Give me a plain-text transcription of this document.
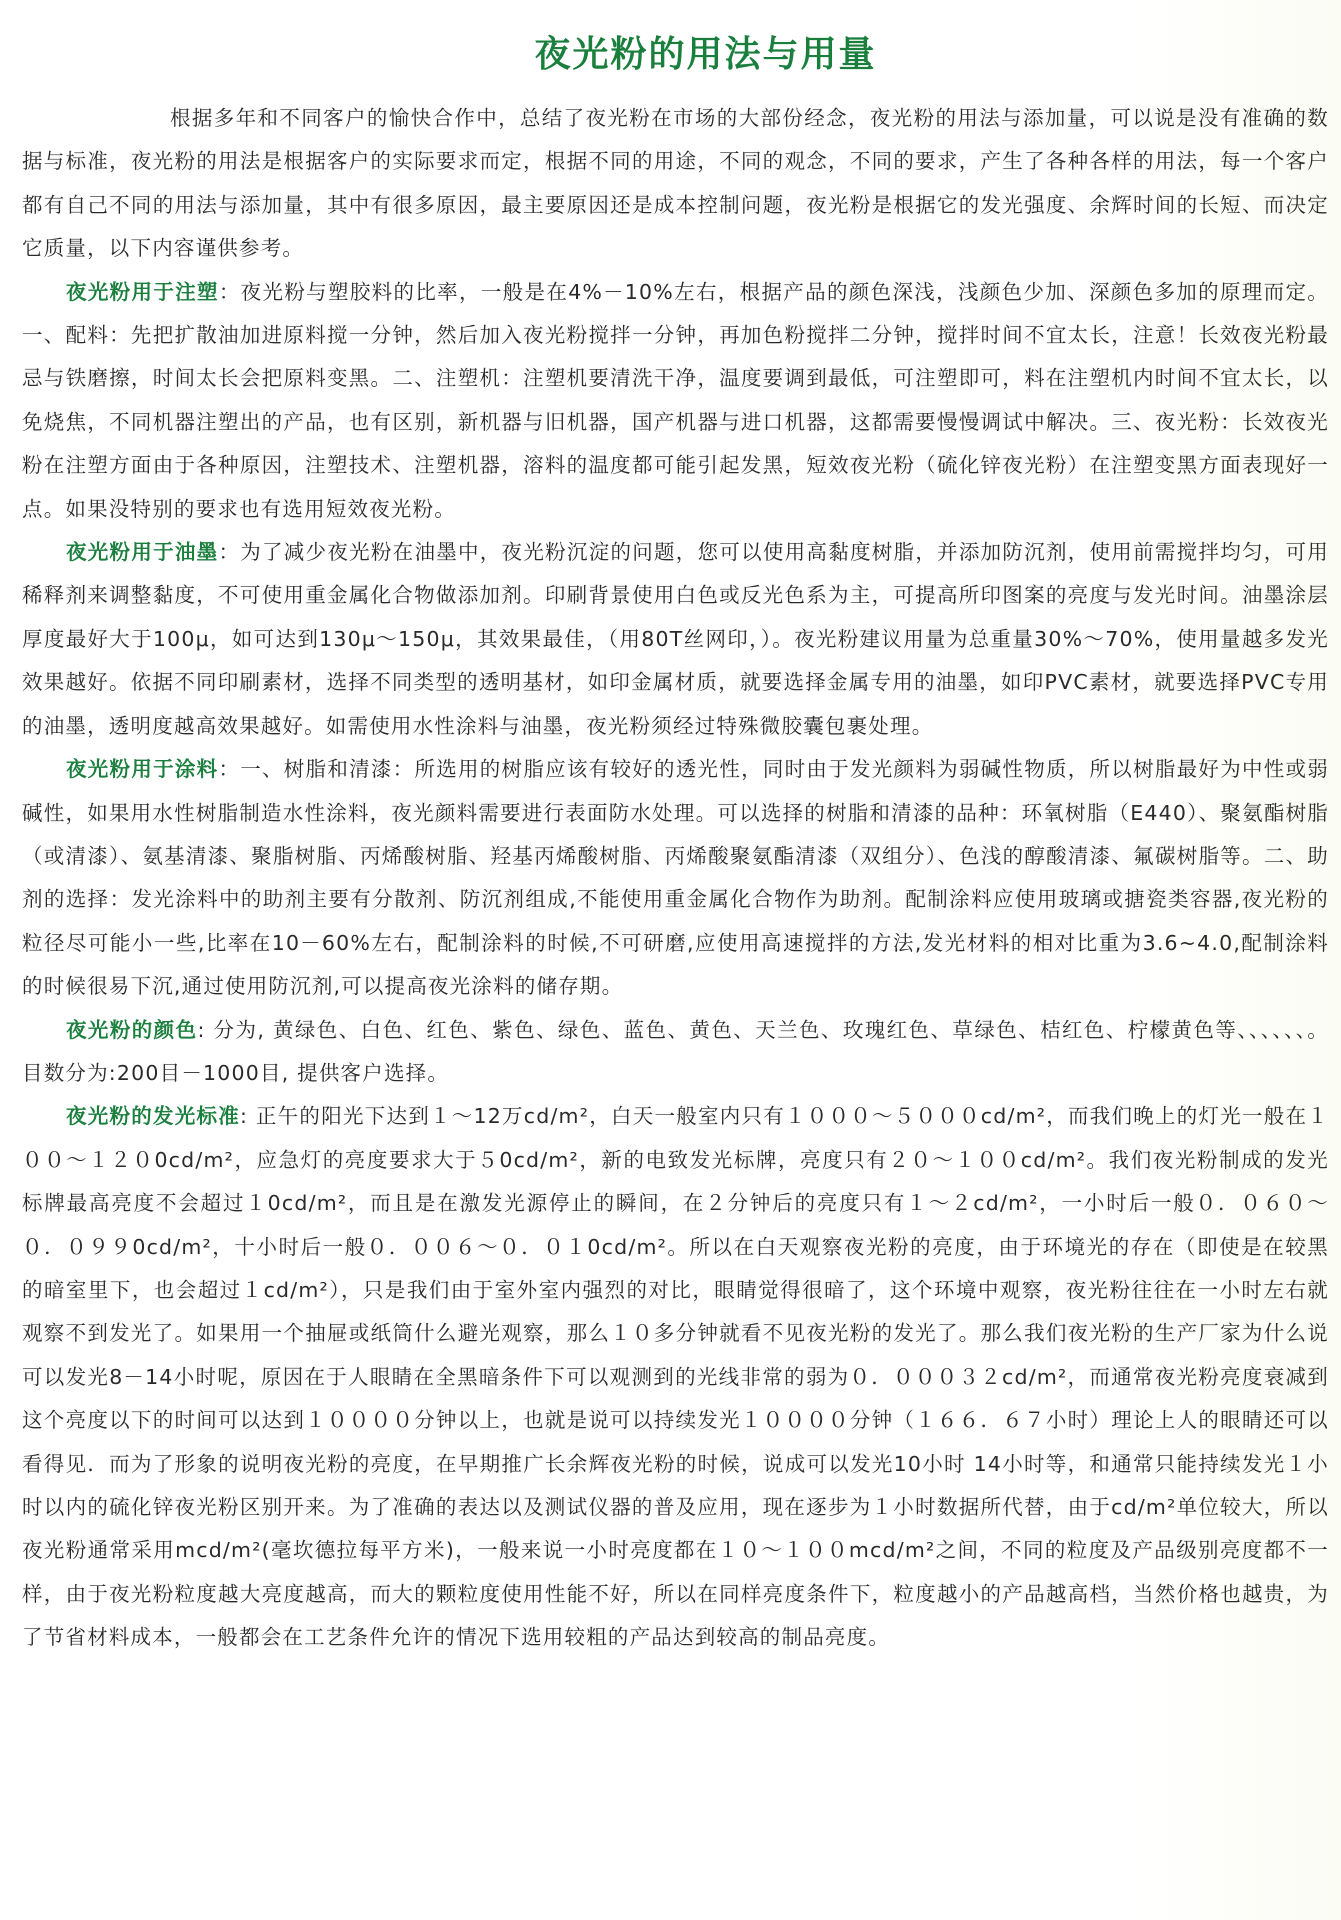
夜光粉的用法与用量

根据多年和不同客户的愉快合作中，总结了夜光粉在市场的大部份经念，夜光粉的用法与添加量，可以说是没有准确的数据与标准，夜光粉的用法是根据客户的实际要求而定，根据不同的用途，不同的观念，不同的要求，产生了各种各样的用法，每一个客户都有自己不同的用法与添加量，其中有很多原因，最主要原因还是成本控制问题，夜光粉是根据它的发光强度、余辉时间的长短、而决定它质量，以下内容谨供参考。

夜光粉用于注塑：夜光粉与塑胶料的比率，一般是在4%－10%左右，根据产品的颜色深浅，浅颜色少加、深颜色多加的原理而定。一、配料：先把扩散油加进原料搅一分钟，然后加入夜光粉搅拌一分钟，再加色粉搅拌二分钟，搅拌时间不宜太长，注意！长效夜光粉最忌与铁磨擦，时间太长会把原料变黑。二、注塑机：注塑机要清洗干净，温度要调到最低，可注塑即可，料在注塑机内时间不宜太长，以免烧焦，不同机器注塑出的产品，也有区别，新机器与旧机器，国产机器与进口机器，这都需要慢慢调试中解决。三、夜光粉：长效夜光粉在注塑方面由于各种原因，注塑技术、注塑机器，溶料的温度都可能引起发黑，短效夜光粉（硫化锌夜光粉）在注塑变黑方面表现好一点。如果没特别的要求也有选用短效夜光粉。

夜光粉用于油墨：为了减少夜光粉在油墨中，夜光粉沉淀的问题，您可以使用高黏度树脂，并添加防沉剂，使用前需搅拌均匀，可用稀释剂来调整黏度，不可使用重金属化合物做添加剂。印刷背景使用白色或反光色系为主，可提高所印图案的亮度与发光时间。油墨涂层厚度最好大于100μ，如可达到130μ～150μ，其效果最佳，（用80T丝网印，）。夜光粉建议用量为总重量30%～70%，使用量越多发光效果越好。依据不同印刷素材，选择不同类型的透明基材，如印金属材质，就要选择金属专用的油墨，如印PVC素材，就要选择PVC专用的油墨，透明度越高效果越好。如需使用水性涂料与油墨，夜光粉须经过特殊微胶囊包裹处理。

夜光粉用于涂料：一、树脂和清漆：所选用的树脂应该有较好的透光性，同时由于发光颜料为弱碱性物质，所以树脂最好为中性或弱碱性，如果用水性树脂制造水性涂料，夜光颜料需要进行表面防水处理。可以选择的树脂和清漆的品种：环氧树脂（E440）、聚氨酯树脂（或清漆）、氨基清漆、聚脂树脂、丙烯酸树脂、羟基丙烯酸树脂、丙烯酸聚氨酯清漆（双组分）、色浅的醇酸清漆、氟碳树脂等。二、助剂的选择：发光涂料中的助剂主要有分散剂、防沉剂组成,不能使用重金属化合物作为助剂。配制涂料应使用玻璃或搪瓷类容器,夜光粉的粒径尽可能小一些,比率在10－60%左右，配制涂料的时候,不可研磨,应使用高速搅拌的方法,发光材料的相对比重为3.6~4.0,配制涂料的时候很易下沉,通过使用防沉剂,可以提高夜光涂料的储存期。

夜光粉的颜色: 分为, 黄绿色、白色、红色、紫色、绿色、蓝色、黄色、天兰色、玫瑰红色、草绿色、桔红色、柠檬黄色等、、、、、、。目数分为:200目－1000目, 提供客户选择。

夜光粉的发光标准: 正午的阳光下达到１～12万cd/m²，白天一般室内只有１０００～５０００cd/m²，而我们晚上的灯光一般在１００～１２０0cd/m²，应急灯的亮度要求大于５0cd/m²，新的电致发光标牌，亮度只有２０～１００cd/m²。我们夜光粉制成的发光标牌最高亮度不会超过１0cd/m²，而且是在激发光源停止的瞬间，在２分钟后的亮度只有１～２cd/m²，一小时后一般０．０６０～０．０９９0cd/m²，十小时后一般０．００６～０．０１0cd/m²。所以在白天观察夜光粉的亮度，由于环境光的存在（即使是在较黑的暗室里下，也会超过１cd/m²），只是我们由于室外室内强烈的对比，眼睛觉得很暗了，这个环境中观察，夜光粉往往在一小时左右就观察不到发光了。如果用一个抽屉或纸筒什么避光观察，那么１０多分钟就看不见夜光粉的发光了。那么我们夜光粉的生产厂家为什么说可以发光8－14小时呢，原因在于人眼睛在全黑暗条件下可以观测到的光线非常的弱为０．０００３２cd/m²，而通常夜光粉亮度衰减到这个亮度以下的时间可以达到１００００分钟以上，也就是说可以持续发光１００００分钟（１６６．６７小时）理论上人的眼睛还可以看得见．而为了形象的说明夜光粉的亮度，在早期推广长余辉夜光粉的时候，说成可以发光10小时 14小时等，和通常只能持续发光１小时以内的硫化锌夜光粉区别开来。为了准确的表达以及测试仪器的普及应用，现在逐步为１小时数据所代替，由于cd/m²单位较大，所以夜光粉通常采用mcd/m²(毫坎德拉每平方米)，一般来说一小时亮度都在１０～１００mcd/m²之间，不同的粒度及产品级别亮度都不一样，由于夜光粉粒度越大亮度越高，而大的颗粒度使用性能不好，所以在同样亮度条件下，粒度越小的产品越高档，当然价格也越贵，为了节省材料成本，一般都会在工艺条件允许的情况下选用较粗的产品达到较高的制品亮度。
